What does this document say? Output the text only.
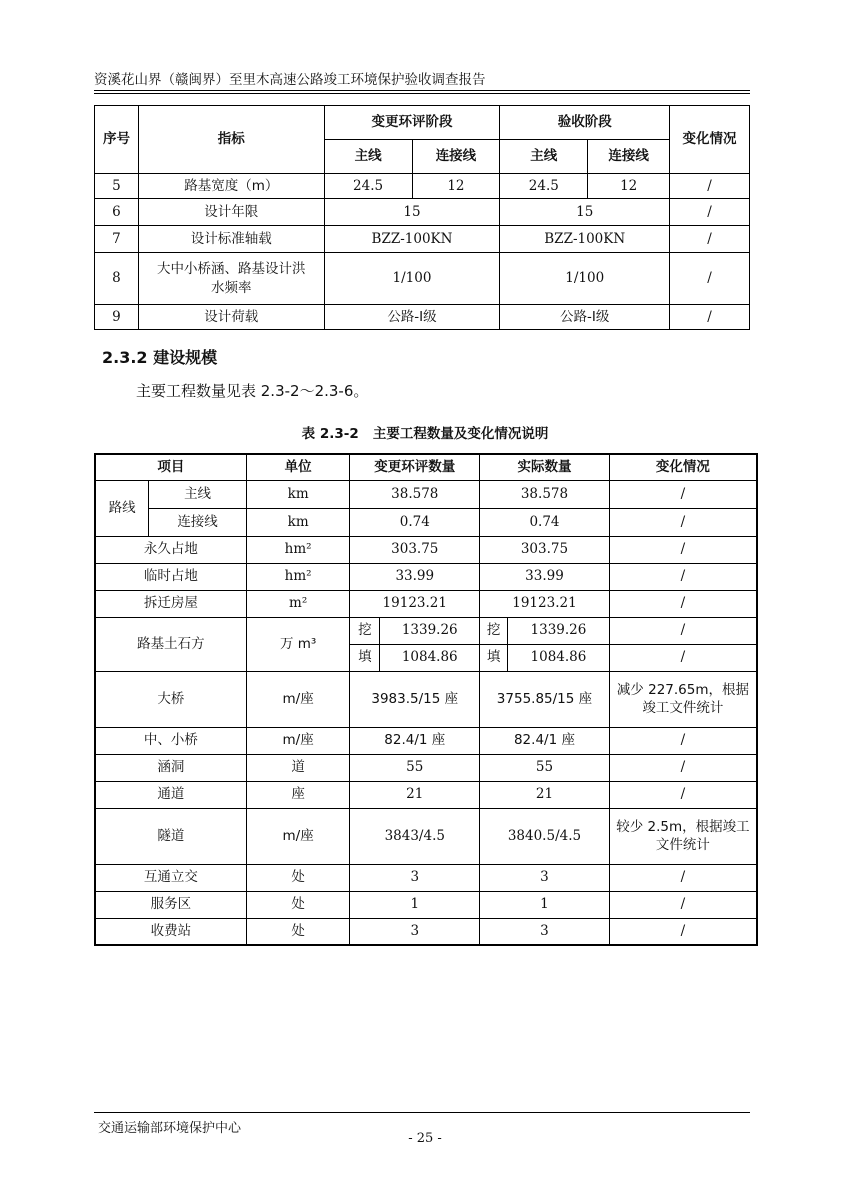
资溪花山界（赣闽界）至里木高速公路竣工环境保护验收调查报告
序号	指标	变更环评阶段		验收阶段		变化情况
		主线	连接线	主线	连接线	
5	路基宽度（m）	24.5	12	24.5	12	/
6	设计年限	15		15		/
7	设计标准轴载	BZZ-100KN		BZZ-100KN		/
8	大中小桥涵、路基设计洪水频率	1/100		1/100		/
9	设计荷载	公路-Ⅰ级		公路-Ⅰ级		/
2.3.2 建设规模
主要工程数量见表 2.3-2～2.3-6。
表 2.3-2 主要工程数量及变化情况说明
项目		单位	变更环评数量		实际数量		变化情况
路线	主线	km	38.578		38.578		/
	连接线	km	0.74		0.74		/
永久占地		hm²	303.75		303.75		/
临时占地		hm²	33.99		33.99		/
拆迁房屋		m²	19123.21		19123.21		/
路基土石方		万 m³	挖	1339.26	挖	1339.26	/
			填	1084.86	填	1084.86	/
大桥		m/座	3983.5/15 座		3755.85/15 座		减少 227.65m，根据竣工文件统计
中、小桥		m/座	82.4/1 座		82.4/1 座		/
涵洞		道	55		55		/
通道		座	21		21		/
隧道		m/座	3843/4.5		3840.5/4.5		较少 2.5m，根据竣工文件统计
互通立交		处	3		3		/
服务区		处	1		1		/
收费站		处	3		3		/
交通运输部环境保护中心
- 25 -
